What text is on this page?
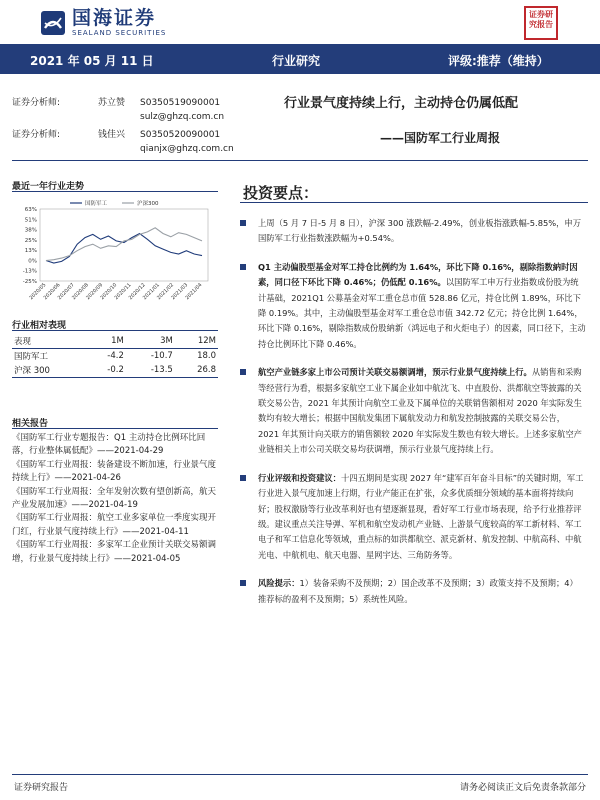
国海证券
SEALAND SECURITIES
证券研究报告
2021 年 05 月 11 日	行业研究	评级:推荐（维持）
证券分析师:	苏立赞	S0350519090001
sulz@ghzq.com.cn
证券分析师:	钱佳兴	S0350520090001
qianjx@ghzq.com.cn
行业景气度持续上行，主动持仓仍属低配
——国防军工行业周报
最近一年行业走势
国防军工	沪深300
63%
51%
38%
25%
13%
0%
-13%
-25%
2020/05
2020/06
2020/07
2020/08
2020/09
2020/10
2020/11
2020/12
2021/01
2021/02
2021/03
2021/04
行业相对表现
表现	1M	3M	12M
国防军工	-4.2	-10.7	18.0
沪深 300	-0.2	-13.5	26.8
相关报告
《国防军工行业专题报告：Q1 主动持仓比例环比回落，行业整体属低配》——2021-04-29
《国防军工行业周报：装备建设不断加速，行业景气度持续上行》——2021-04-26
《国防军工行业周报：全年发射次数有望创新高，航天产业发展加速》——2021-04-19
《国防军工行业周报：航空工业多家单位一季度实现开门红，行业景气度持续上行》——2021-04-11
《国防军工行业周报：多家军工企业预计关联交易额调增，行业景气度持续上行》——2021-04-05
投资要点：
上周（5 月 7 日-5 月 8 日），沪深 300 涨跌幅-2.49%，创业板指涨跌幅-5.85%，申万国防军工行业指数涨跌幅为+0.54%。
Q1 主动偏股型基金对军工持仓比例约为 1.64%，环比下降 0.16%，剔除指数納时因素，同口径下环比下降 0.46%；仍低配 0.16%。以国防军工申万行业指数成份股为统计基础，2021Q1 公募基金对军工重仓总市值 528.86 亿元，持仓比例 1.89%，环比下降 0.19%。其中，主动偏股型基金对军工重仓总市值 342.72 亿元；持仓比例 1.64%，环比下降 0.16%，剔除指数成份股納新（鸿远电子和火炬电子）的因素，同口径下，主动持仓比例环比下降 0.46%。
航空产业链多家上市公司预计关联交易额调增，预示行业景气度持续上行。从销售和采购等经营行为看，根据多家航空工业下属企业如中航沈飞、中直股份、洪都航空等披露的关联交易公告，2021 年其预计向航空工业及下属单位的关联销售额相对 2020 年实际发生数均有较大增长；根据中国航发集团下属航发动力和航发控制披露的关联交易公告，2021 年其预计向关联方的销售额较 2020 年实际发生数也有较大增长。上述多家航空产业链相关上市公司关联交易均获调增，预示行业景气度持续上行。
行业评级和投资建议：十四五期间是实现 2027 年“建军百年奋斗目标”的关键时期，军工行业进入景气度加速上行期，行业产能正在扩张，众多优质细分领域的基本面将持续向好；股权激励等行业改革利好也有望逐渐显现，看好军工行业市场表现，给予行业推荐评级。建议重点关注导弹、军机和航空发动机产业链、上游景气度较高的军工新材料、军工电子和军工信息化等领域，重点标的如洪都航空、派克新材、航发控制、中航高科、中航光电、中航机电、航天电器、星网宇达、三角防务等。
风险提示：1）装备采购不及预期；2）国企改革不及预期；3）政策支持不及预期；4）推荐标的盈利不及预期；5）系统性风险。
证券研究报告	请务必阅读正文后免责条款部分
